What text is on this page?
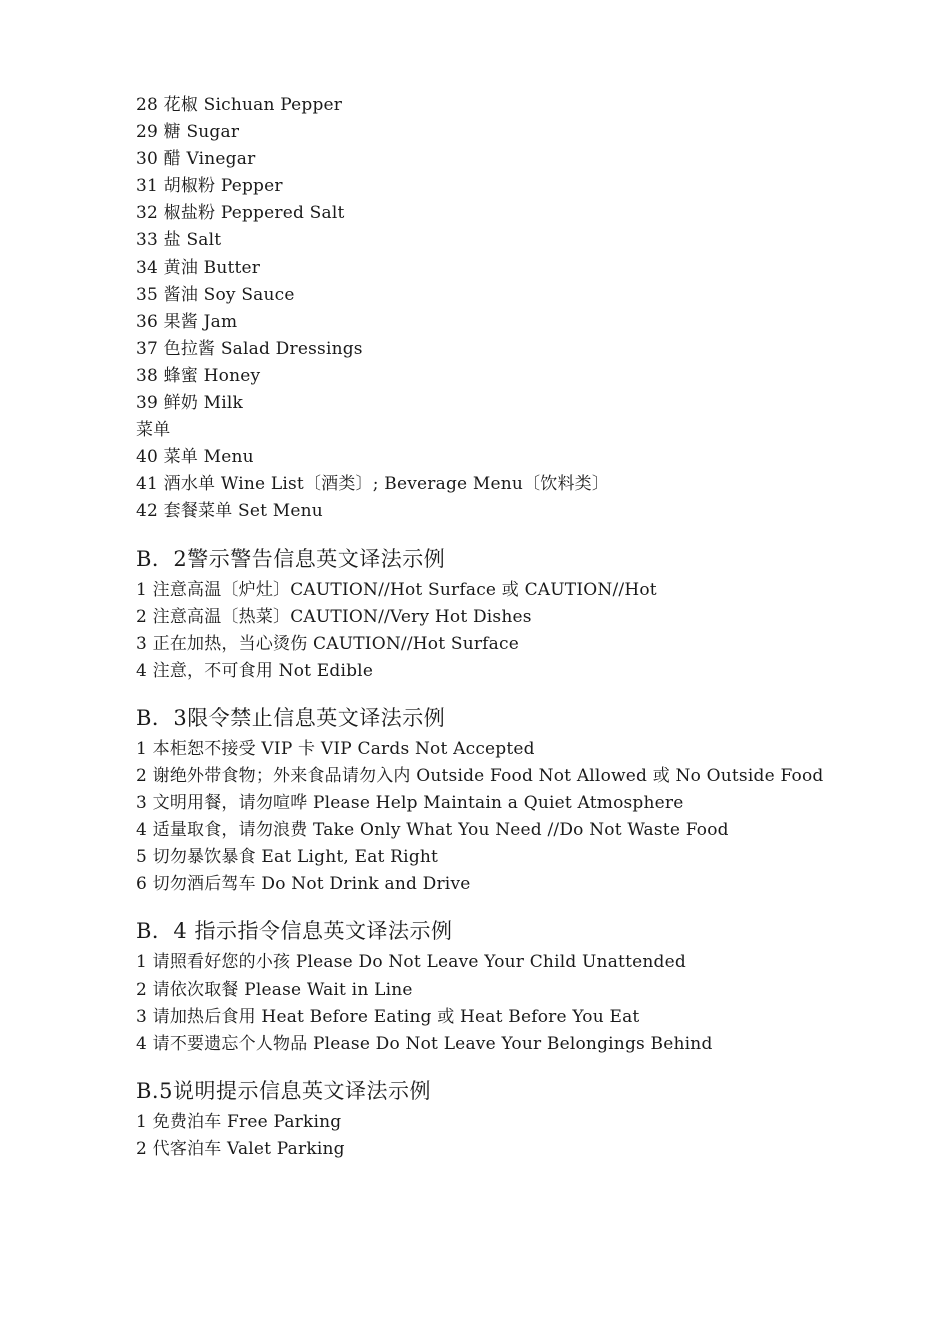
28 花椒 Sichuan Pepper
29 糖 Sugar
30 醋 Vinegar
31 胡椒粉 Pepper
32 椒盐粉 Peppered Salt
33 盐 Salt
34 黄油 Butter
35 酱油 Soy Sauce
36 果酱 Jam
37 色拉酱 Salad Dressings
38 蜂蜜 Honey
39 鲜奶 Milk
菜单
40 菜单 Menu
41 酒水单 Wine List〔酒类〕; Beverage Menu〔饮料类〕
42 套餐菜单 Set Menu
B．2警示警告信息英文译法示例
1 注意高温〔炉灶〕CAUTION//Hot Surface 或 CAUTION//Hot
2 注意高温〔热菜〕CAUTION//Very Hot Dishes
3 正在加热，当心烫伤 CAUTION//Hot Surface
4 注意，不可食用 Not Edible
B．3限令禁止信息英文译法示例
1 本柜恕不接受 VIP 卡 VIP Cards Not Accepted
2 谢绝外带食物；外来食品请勿入内 Outside Food Not Allowed 或 No Outside Food
3 文明用餐，请勿喧哗 Please Help Maintain a Quiet Atmosphere
4 适量取食，请勿浪费 Take Only What You Need //Do Not Waste Food
5 切勿暴饮暴食 Eat Light, Eat Right
6 切勿酒后驾车 Do Not Drink and Drive
B．4 指示指令信息英文译法示例
1 请照看好您的小孩 Please Do Not Leave Your Child Unattended
2 请依次取餐 Please Wait in Line
3 请加热后食用 Heat Before Eating 或 Heat Before You Eat
4 请不要遗忘个人物品 Please Do Not Leave Your Belongings Behind
B.5说明提示信息英文译法示例
1 免费泊车 Free Parking
2 代客泊车 Valet Parking
